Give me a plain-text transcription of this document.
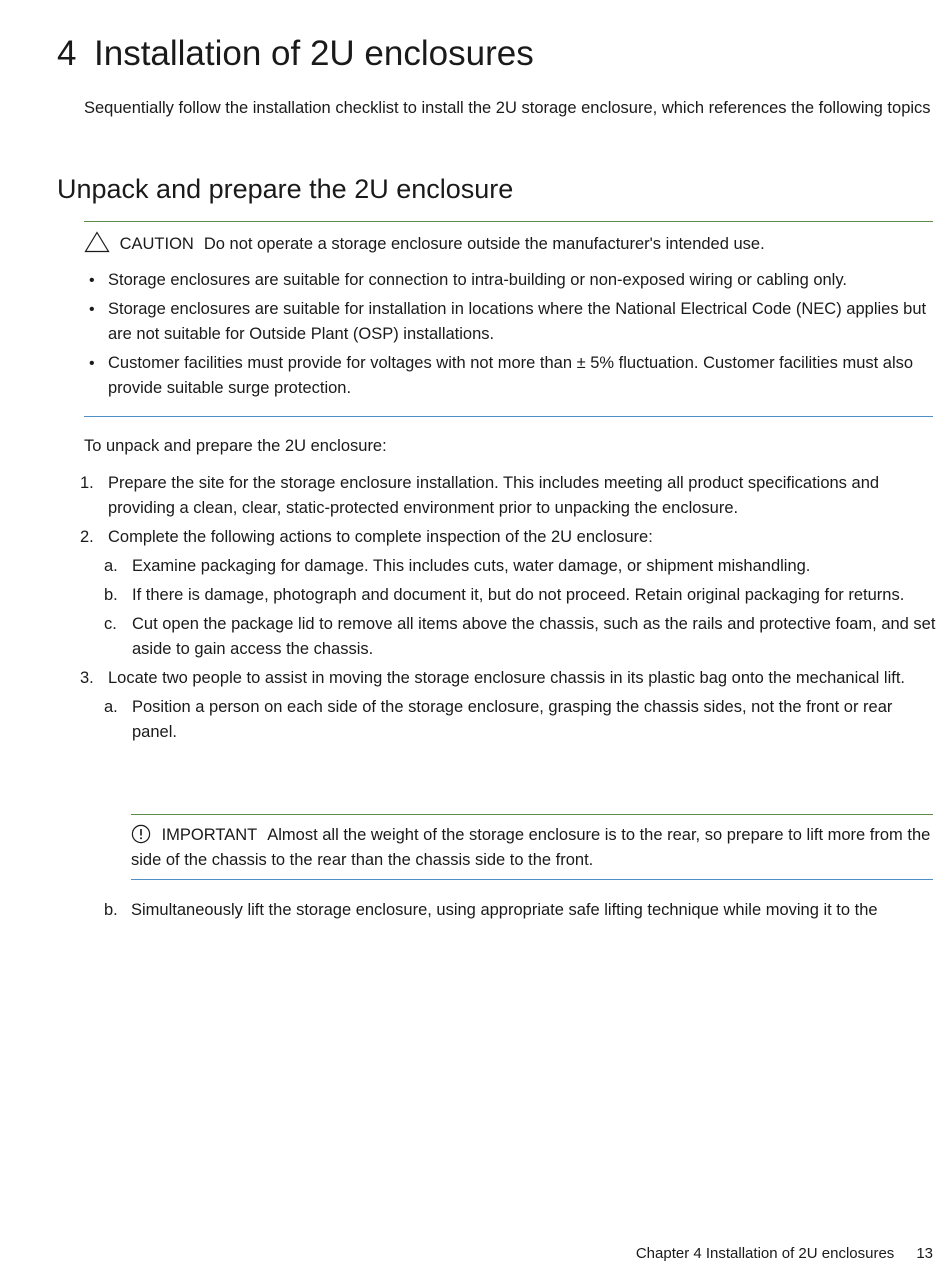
4 Installation of 2U enclosures

Sequentially follow the installation checklist to install the 2U storage enclosure, which references the following topics

Unpack and prepare the 2U enclosure
CAUTION Do not operate a storage enclosure outside the manufacturer's intended use.
• Storage enclosures are suitable for connection to intra-building or non-exposed wiring or cabling only.
• Storage enclosures are suitable for installation in locations where the National Electrical Code (NEC) applies but are not suitable for Outside Plant (OSP) installations.
• Customer facilities must provide for voltages with not more than ± 5% fluctuation. Customer facilities must also provide suitable surge protection.

To unpack and prepare the 2U enclosure:

1. Prepare the site for the storage enclosure installation. This includes meeting all product specifications and providing a clean, clear, static-protected environment prior to unpacking the enclosure.
2. Complete the following actions to complete inspection of the 2U enclosure:
a. Examine packaging for damage. This includes cuts, water damage, or shipment mishandling.
b. If there is damage, photograph and document it, but do not proceed. Retain original packaging for returns.
c. Cut open the package lid to remove all items above the chassis, such as the rails and protective foam, and set aside to gain access the chassis.
3. Locate two people to assist in moving the storage enclosure chassis in its plastic bag onto the mechanical lift.
a. Position a person on each side of the storage enclosure, grasping the chassis sides, not the front or rear panel.
IMPORTANT Almost all the weight of the storage enclosure is to the rear, so prepare to lift more from the side of the chassis to the rear than the chassis side to the front.

b. Simultaneously lift the storage enclosure, using appropriate safe lifting technique while moving it to the

Chapter 4 Installation of 2U enclosures 13
